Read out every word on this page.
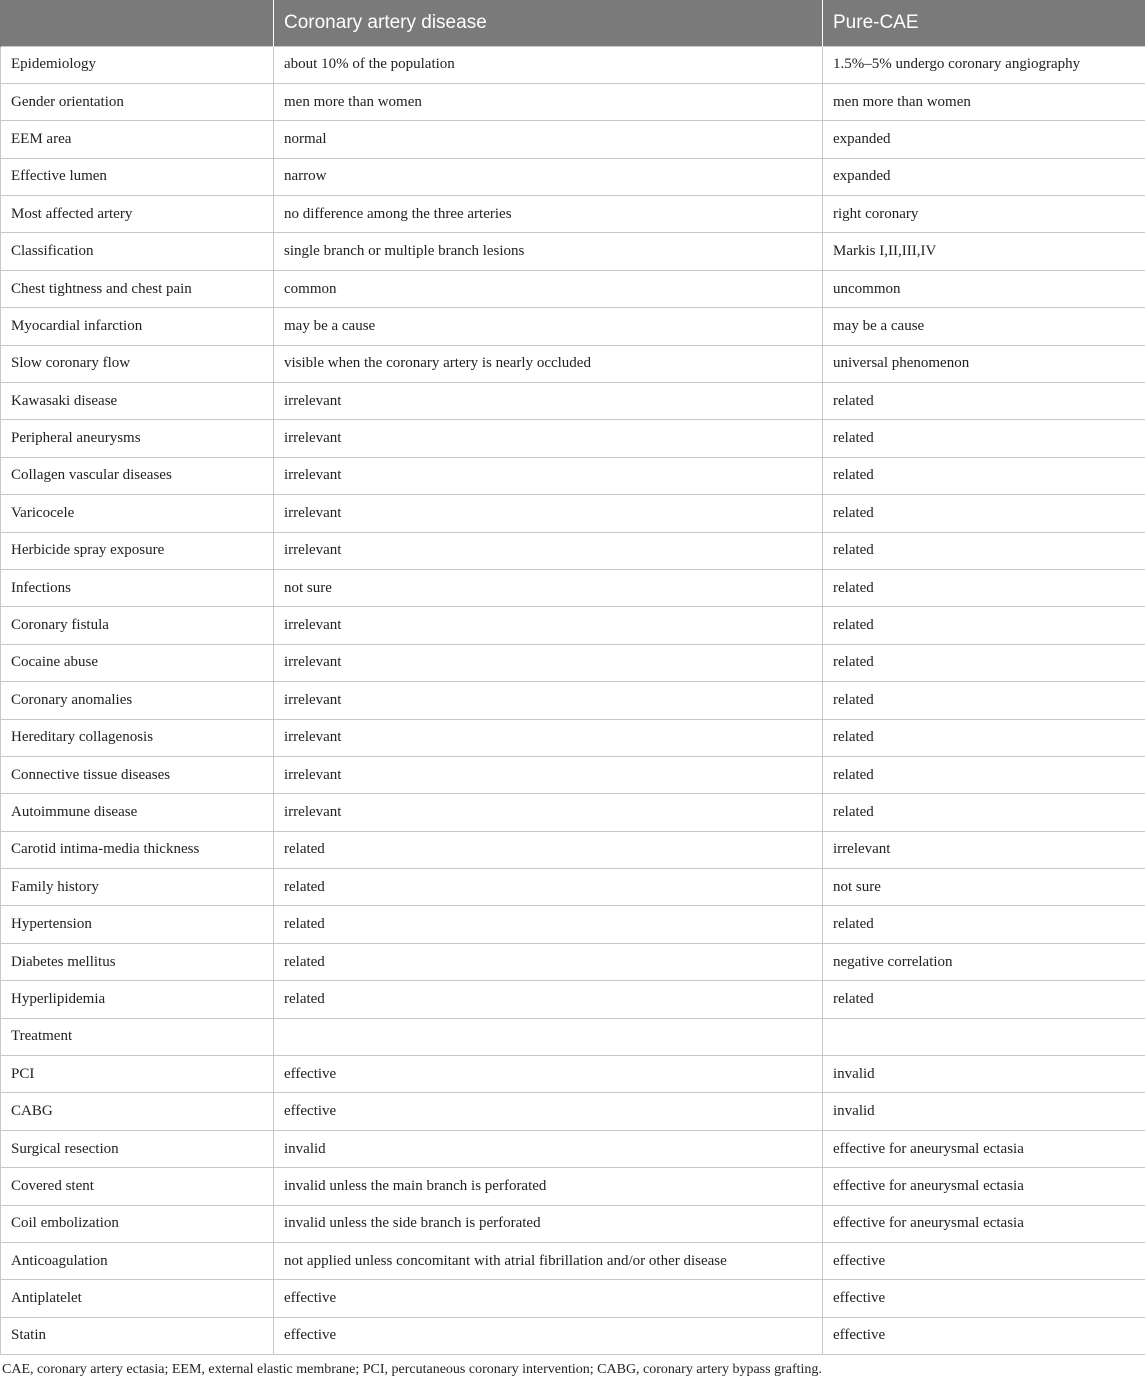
	Coronary artery disease	Pure-CAE
Epidemiology	about 10% of the population	1.5%–5% undergo coronary angiography
Gender orientation	men more than women	men more than women
EEM area	normal	expanded
Effective lumen	narrow	expanded
Most affected artery	no difference among the three arteries	right coronary
Classification	single branch or multiple branch lesions	Markis I,II,III,IV
Chest tightness and chest pain	common	uncommon
Myocardial infarction	may be a cause	may be a cause
Slow coronary flow	visible when the coronary artery is nearly occluded	universal phenomenon
Kawasaki disease	irrelevant	related
Peripheral aneurysms	irrelevant	related
Collagen vascular diseases	irrelevant	related
Varicocele	irrelevant	related
Herbicide spray exposure	irrelevant	related
Infections	not sure	related
Coronary fistula	irrelevant	related
Cocaine abuse	irrelevant	related
Coronary anomalies	irrelevant	related
Hereditary collagenosis	irrelevant	related
Connective tissue diseases	irrelevant	related
Autoimmune disease	irrelevant	related
Carotid intima-media thickness	related	irrelevant
Family history	related	not sure
Hypertension	related	related
Diabetes mellitus	related	negative correlation
Hyperlipidemia	related	related
Treatment		
PCI	effective	invalid
CABG	effective	invalid
Surgical resection	invalid	effective for aneurysmal ectasia
Covered stent	invalid unless the main branch is perforated	effective for aneurysmal ectasia
Coil embolization	invalid unless the side branch is perforated	effective for aneurysmal ectasia
Anticoagulation	not applied unless concomitant with atrial fibrillation and/or other disease	effective
Antiplatelet	effective	effective
Statin	effective	effective
CAE, coronary artery ectasia; EEM, external elastic membrane; PCI, percutaneous coronary intervention; CABG, coronary artery bypass grafting.
